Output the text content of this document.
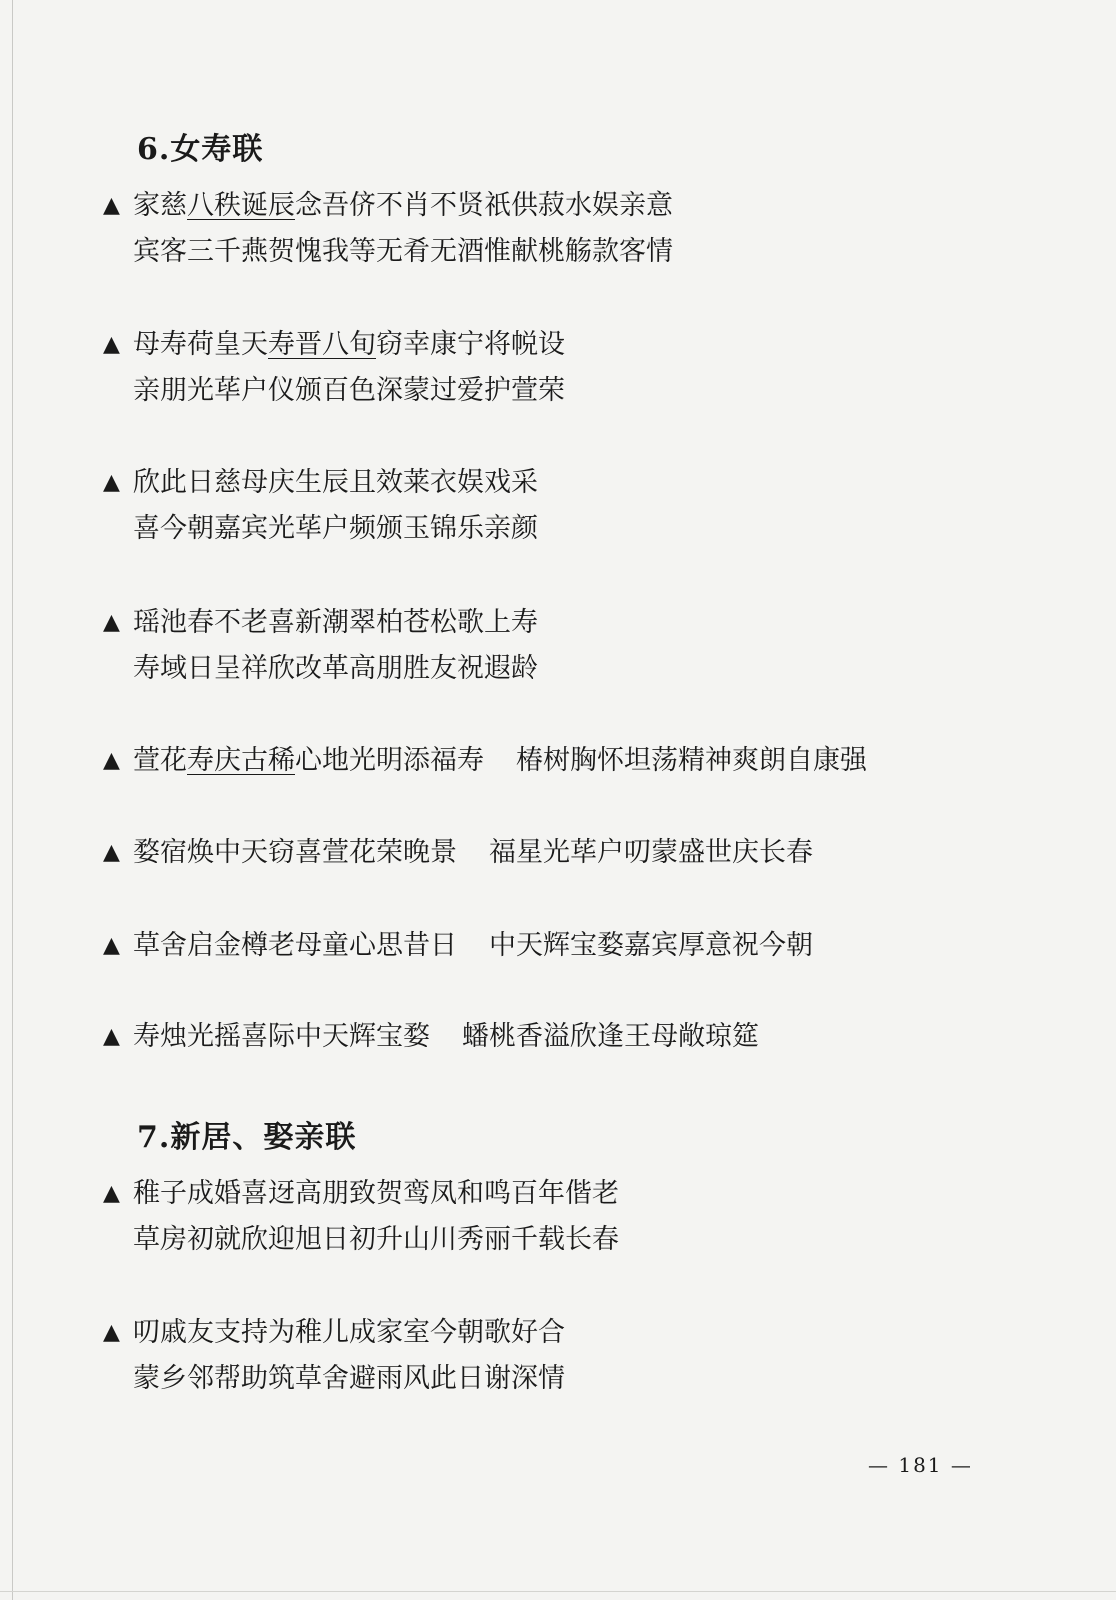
6.女寿联
▲ 家慈八秩诞辰念吾侪不肖不贤祇供菽水娱亲意
宾客三千燕贺愧我等无肴无酒惟献桃觞款客情
▲ 母寿荷皇天寿晋八旬窃幸康宁将帨设
亲朋光荜户仪颁百色深蒙过爱护萱荣
▲ 欣此日慈母庆生辰且效莱衣娱戏采
喜今朝嘉宾光荜户频颁玉锦乐亲颜
▲ 瑶池春不老喜新潮翠柏苍松歌上寿
寿域日呈祥欣改革高朋胜友祝遐龄
▲ 萱花寿庆古稀心地光明添福寿 椿树胸怀坦荡精神爽朗自康强
▲ 婺宿焕中天窃喜萱花荣晚景 福星光荜户叨蒙盛世庆长春
▲ 草舍启金樽老母童心思昔日 中天辉宝婺嘉宾厚意祝今朝
▲ 寿烛光摇喜际中天辉宝婺 蟠桃香溢欣逢王母敞琼筵
7.新居、娶亲联
▲ 稚子成婚喜迓高朋致贺鸾凤和鸣百年偕老
草房初就欣迎旭日初升山川秀丽千载长春
▲ 叨戚友支持为稚儿成家室今朝歌好合
蒙乡邻帮助筑草舍避雨风此日谢深情
— 181 —
